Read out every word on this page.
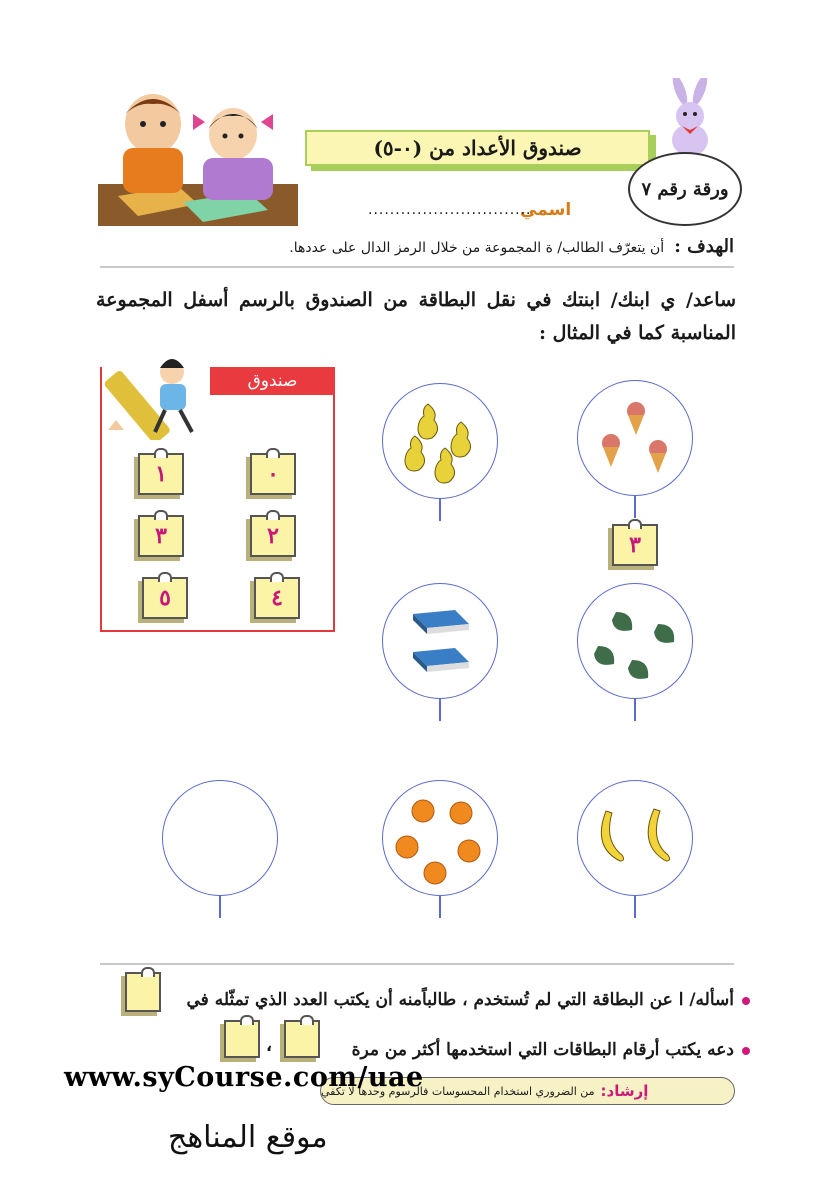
صندوق الأعداد من (٠-٥)
ورقة رقم ٧
اسمي
..............................
الهدف :أن يتعرّف الطالب/ ة المجموعة من خلال الرمز الدال على عددها.
ساعد/ ي ابنك/ ابنتك في نقل البطاقة من الصندوق بالرسم أسفل المجموعة المناسبة كما في المثال :
صندوق
٠
١
٢
٣
٤
٥
٣
أسأله/ ا عن البطاقة التي لم تُستخدم ، طالباًمنه أن يكتب العدد الذي تمثّله في
دعه يكتب أرقام البطاقات التي استخدمها أكثر من مرة
،
إرشاد:
من الضروري استخدام المحسوسات فالرسوم وحدها لا تكفي
www.syCourse.com/uae
موقع المناهج
